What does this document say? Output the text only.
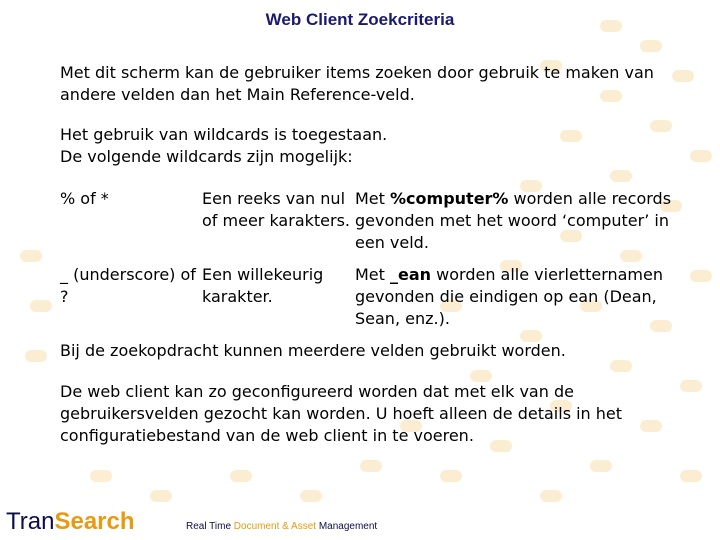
Web Client Zoekcriteria
Met dit scherm kan de gebruiker items zoeken door gebruik te maken van andere velden dan het Main Reference-veld.
Het gebruik van wildcards is toegestaan.
De volgende wildcards zijn mogelijk:
% of *	Een reeks van nul of meer karakters.	Met %computer% worden alle records gevonden met het woord ‘computer’ in een veld.
_ (underscore) of ?	Een willekeurig karakter.	Met _ean worden alle vierletternamen gevonden die eindigen op ean (Dean, Sean, enz.).
Bij de zoekopdracht kunnen meerdere velden gebruikt worden.
De web client kan zo geconfigureerd worden dat met elk van de gebruikersvelden gezocht kan worden. U hoeft alleen de details in het configuratiebestand van de web client in te voeren.
TranSearch	Real Time Document & Asset Management
